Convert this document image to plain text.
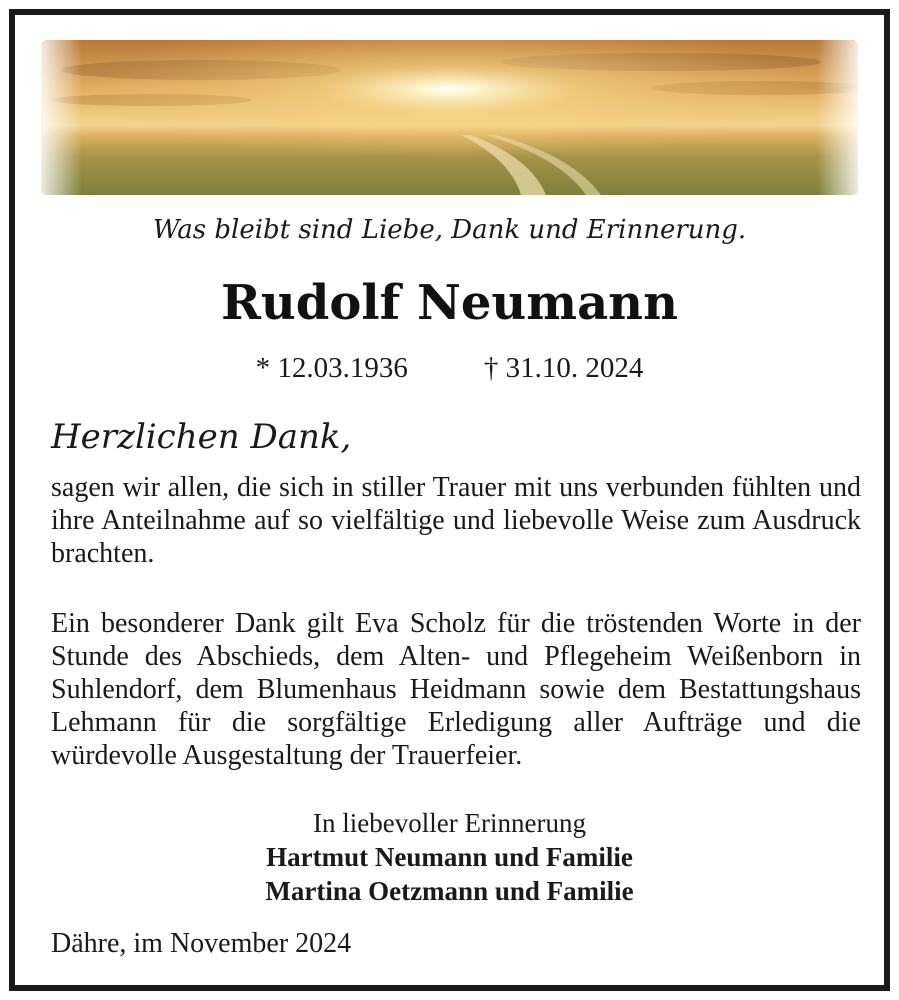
Was bleibt sind Liebe, Dank und Erinnerung.
Rudolf Neumann
* 12.03.1936	† 31.10. 2024
Herzlichen Dank,
sagen wir allen, die sich in stiller Trauer mit uns verbunden fühlten und ihre Anteilnahme auf so vielfältige und liebevolle Weise zum Ausdruck brachten.
Ein besonderer Dank gilt Eva Scholz für die tröstenden Worte in der Stunde des Abschieds, dem Alten- und Pflegeheim Weißenborn in Suhlendorf, dem Blumenhaus Heidmann sowie dem Bestattungshaus Lehmann für die sorgfältige Erledigung aller Aufträge und die würdevolle Ausgestaltung der Trauerfeier.
In liebevoller Erinnerung
Hartmut Neumann und Familie
Martina Oetzmann und Familie
Dähre, im November 2024
